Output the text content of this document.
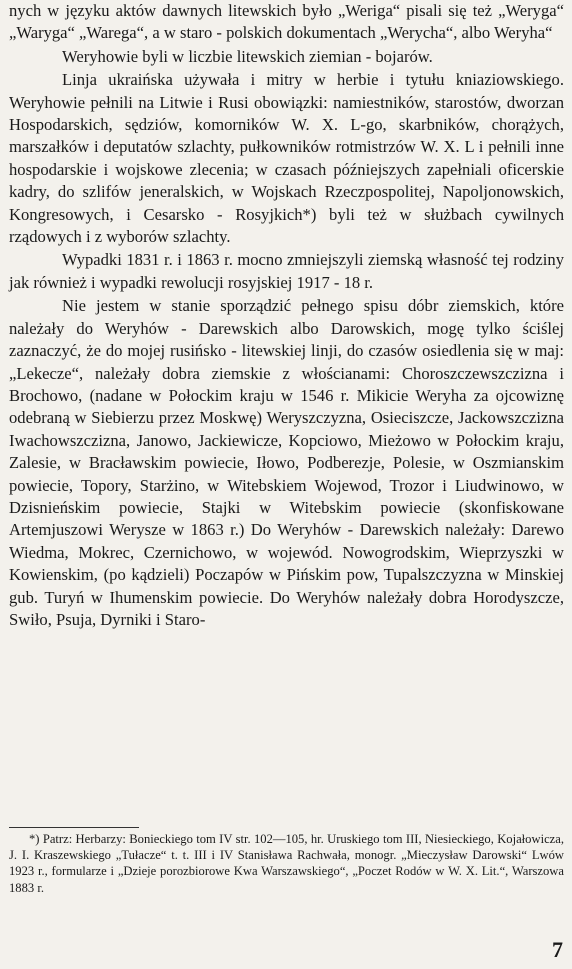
nych w języku aktów dawnych litewskich było „Weriga“ pisali się też „Weryga“ „Waryga“ „Warega“, a w staro - polskich dokumentach „Werycha“, albo Weryha“

Weryhowie byli w liczbie litewskich ziemian - bojarów.

Linja ukraińska używała i mitry w herbie i tytułu kniaziowskiego. Weryhowie pełnili na Litwie i Rusi obowiązki: namiestników, starostów, dworzan Hospodarskich, sędziów, komorników W. X. L-go, skarbników, chorążych, marszałków i deputatów szlachty, pułkowników rotmistrzów W. X. L i pełnili inne hospodarskie i wojskowe zlecenia; w czasach późniejszych zapełniali oficerskie kadry, do szlifów jeneralskich, w Wojskach Rzeczpospolitej, Napoljonowskich, Kongresowych, i Cesarsko - Rosyjkich*) byli też w służbach cywilnych rządowych i z wyborów szlachty.

Wypadki 1831 r. i 1863 r. mocno zmniejszyli ziemską własność tej rodziny jak również i wypadki rewolucji rosyjskiej 1917 - 18 r.

Nie jestem w stanie sporządzić pełnego spisu dóbr ziemskich, które należały do Weryhów - Darewskich albo Darowskich, mogę tylko ściślej zaznaczyć, że do mojej rusińsko - litewskiej linji, do czasów osiedlenia się w maj: „Lekecze“, należały dobra ziemskie z włościanami: Choroszczewszczizna i Brochowo, (nadane w Połockim kraju w 1546 r. Mikicie Weryha za ojcowiznę odebraną w Siebierzu przez Moskwę) Weryszczyzna, Osieciszcze, Jackowszczizna Iwachowszczizna, Janowo, Jackiewicze, Kopciowo, Mieżowo w Połockim kraju, Zalesie, w Bracławskim powiecie, Iłowo, Podberezje, Polesie, w Oszmianskim powiecie, Topory, Starżino, w Witebskiem Wojewod, Trozor i Liudwinowo, w Dzisnieńskim powiecie, Stajki w Witebskim powiecie (skonfiskowane Artemjuszowi Werysze w 1863 r.) Do Weryhów - Darewskich należały: Darewo Wiedma, Mokrec, Czernichowo, w wojewód. Nowogrodskim, Wieprzyszki w Kowienskim, (po kądzieli) Poczapów w Pińskim pow, Tupalszczyzna w Minskiej gub. Turyń w Ihumenskim powiecie. Do Weryhów należały dobra Horodyszcze, Swiło, Psuja, Dyrniki i Staro-

*) Patrz: Herbarzy: Bonieckiego tom IV str. 102—105, hr. Uruskiego tom III, Niesieckiego, Kojałowicza, J. I. Kraszewskiego „Tułacze“ t. t. III i IV Stanisława Rachwała, monogr. „Mieczysław Darowski“ Lwów 1923 r., formularze i „Dzieje porozbiorowe Kwa Warszawskiego“, „Poczet Rodów w W. X. Lit.“, Warszowa 1883 r.
7
